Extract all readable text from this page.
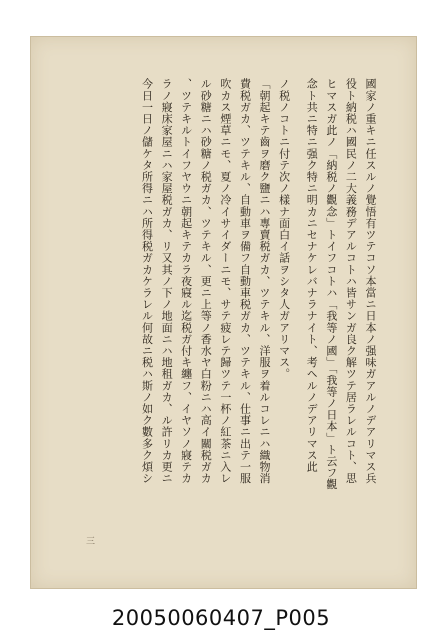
國家ノ重キニ任スルノ覺悟有ツテコソ本當ニ日本ノ强味ガアルノデアリマス兵

役ト納税ハ國民ノ二大義務デアルコトハ皆サンガ良ク解ツテ居ラレルコト、思

ヒマスガ此ノ「納税ノ觀念」トイフコトハ「我等ノ國」「我等ノ日本」ト云フ觀

念ト共ニ特ニ强ク特ニ明カニセナケレバナラナイト、考ヘルノデアリマス此

ノ税ノコトニ付テ次ノ樣ナ面白イ話ヲシタ人ガアリマス。

「朝起キテ齒ヲ磨ク鹽ニハ專賣税ガカ、ツテキル、洋服ヲ着ルコレニハ織物消

費税ガカ、ツテキル、自動車ヲ備フ自動車税ガカ、ツテキル、仕事ニ出テ一服

吹カス煙草ニモ、夏ノ冷イサイダーニモ、サテ疲レテ歸ツテ一杯ノ紅茶ニ入レ

ル砂糖ニハ砂糖ノ税ガカ、ツテキル、更ニ上等ノ香水ヤ白粉ニハ高イ關税ガカ

、ツテキルトイフヤウニ朝起キテカラ夜寢ル迄税ガ付キ纏フ、イヤソノ寢テカ

ラノ寢床家屋ニハ家屋税ガカ、リ又其ノ下ノ地面ニハ地租ガカ、ル許リカ更ニ

今日一日ノ儲ケタ所得ニハ所得税ガカケラレル何故ニ税ハ斯ノ如ク數多ク煩シ

三
20050060407_P005
